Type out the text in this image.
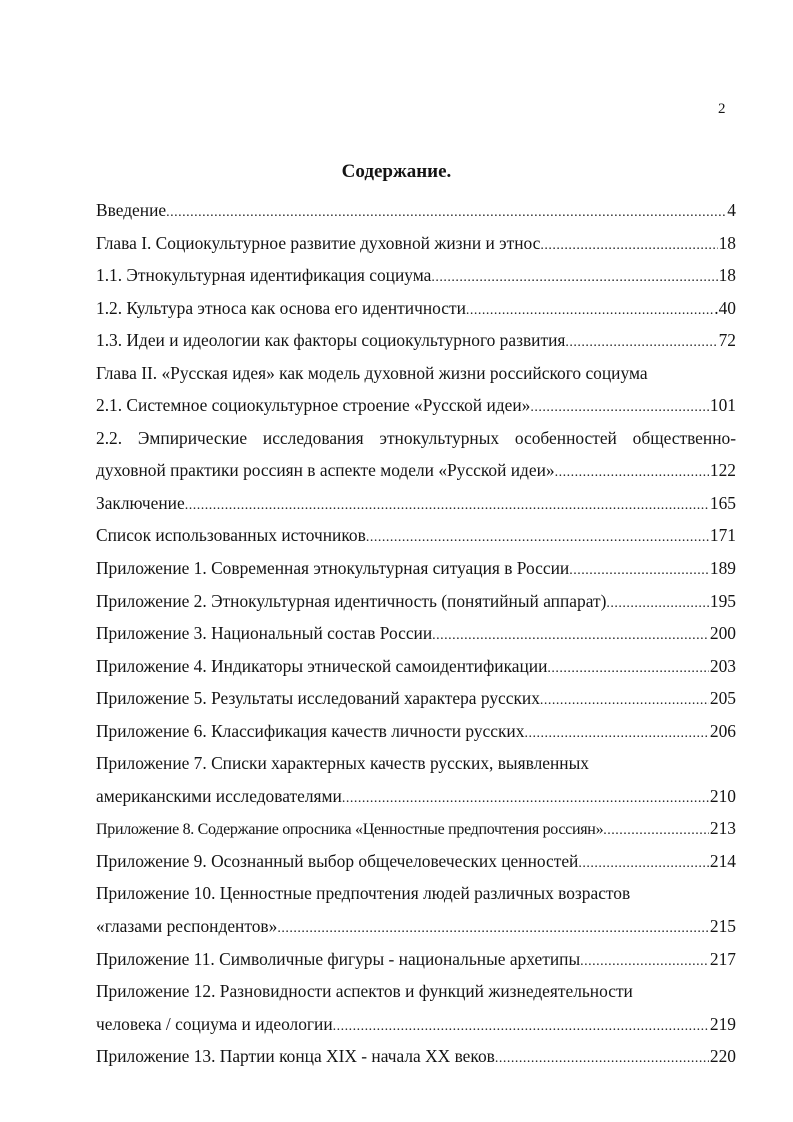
2
Содержание.
Введение .....	4
Глава I. Социокультурное развитие духовной жизни и этнос .....	18
1.1. Этнокультурная идентификация социума .....	18
1.2. Культура этноса как основа его идентичности .....	.40
1.3. Идеи и идеологии как факторы социокультурного развития .....	72
Глава II. «Русская идея» как модель духовной жизни российского социума
2.1. Системное социокультурное строение «Русской идеи» .....	101
2.2. Эмпирические исследования этнокультурных особенностей общественно-
духовной практики россиян в аспекте модели «Русской идеи» .....	122
Заключение .....	165
Список использованных источников .....	171
Приложение 1. Современная этнокультурная ситуация в России .....	189
Приложение 2. Этнокультурная идентичность (понятийный аппарат) .....	195
Приложение 3. Национальный состав России .....	200
Приложение 4. Индикаторы этнической самоидентификации .....	203
Приложение 5. Результаты исследований характера русских .....	205
Приложение 6. Классификация качеств личности русских .....	206
Приложение 7. Списки характерных качеств русских, выявленных
американскими исследователями .....	210
Приложение 8. Содержание опросника «Ценностные предпочтения россиян» .....	213
Приложение 9. Осознанный выбор общечеловеческих ценностей .....	214
Приложение 10. Ценностные предпочтения людей различных возрастов
«глазами респондентов» .....	215
Приложение 11. Символичные фигуры - национальные архетипы .....	217
Приложение 12. Разновидности аспектов и функций жизнедеятельности
человека / социума и идеологии .....	219
Приложение 13. Партии конца XIX - начала XX веков .....	220
